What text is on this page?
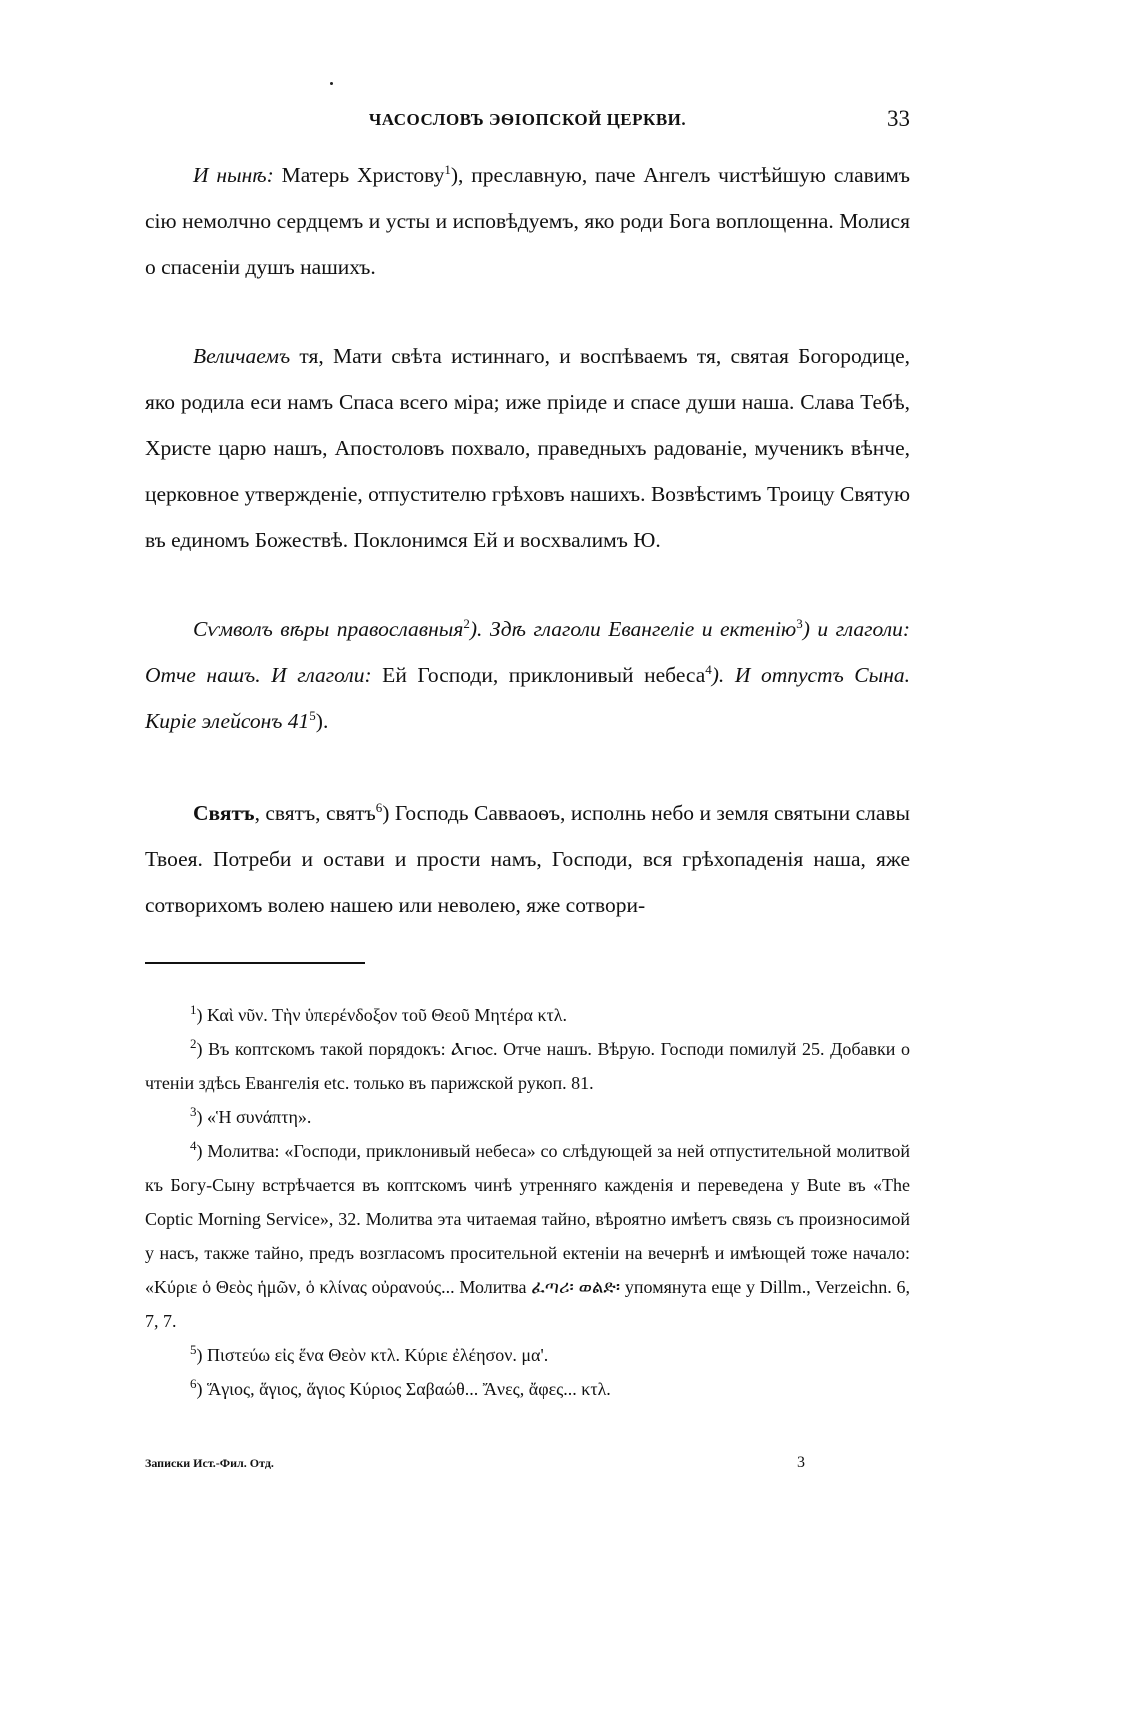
ЧАСОСЛОВЪ ЭѲІОПСКОЙ ЦЕРКВИ.	33

И нынѣ: Матерь Христову$^1$), преславную, паче Ангелъ чистѣйшую славимъ сію немолчно сердцемъ и усты и исповѣдуемъ, яко роди Бога воплощенна. Молися о спасеніи душъ нашихъ.

Величаемъ тя, Мати свѣта истиннаго, и воспѣваемъ тя, святая Богородице, яко родила еси намъ Спаса всего міра; иже пріиде и спасе души наша. Слава Тебѣ, Христе царю нашъ, Апостоловъ похвало, праведныхъ радованіе, мученикъ вѣнче, церковное утвержденіе, отпустителю грѣховъ нашихъ. Возвѣстимъ Троицу Святую въ единомъ Божествѣ. Поклонимся Ей и восхвалимъ Ю.

Сѵмволъ вѣры православныя$^2$). Здѣ глаголи Евангеліе и ектенію$^3$) и глаголи: Отче нашъ. И глаголи: Ей Господи, приклонивый небеса$^4$). И отпустъ Сына. Киріе элейсонъ $41^5$).

Святъ, святъ, святъ$^6$) Господь Савваоѳъ, исполнь небо и земля святыни славы Твоея. Потреби и остави и прости намъ, Господи, вся грѣхопаденія наша, яже сотворихомъ волею нашею или неволею, яже сотвори-

$^1$) Καὶ νῦν. Τὴν ὑπερένδοξον τοῦ Θεοῦ Μητέρα κτλ.

$^2$) Въ коптскомъ такой порядокъ: Ⲁⲅⲓⲟⲥ. Отче нашъ. Вѣрую. Господи помилуй 25. Добавки о чтеніи здѣсь Евангелія etc. только въ парижской рукоп. 81.

$^3$) «Ἡ συνάπτη».

$^4$) Молитва: «Господи, приклонивый небеса» со слѣдующей за ней отпустительной молитвой къ Богу-Сыну встрѣчается въ коптскомъ чинѣ утренняго кажденія и переведена у Bute въ «The Coptic Morning Service», 32. Молитва эта читаемая тайно, вѣроятно имѣетъ связь съ произносимой у насъ, также тайно, предъ возгласомъ просительной ектеніи на вечернѣ и имѣющей тоже начало: «Κύριε ὁ Θεὸς ἡμῶν, ὁ κλίνας οὐρανούς... Молитва ፈጣሪ፡ ወልድ፡ упомянута еще у Dillm., Verzeichn. 6, 7, 7.

$^5$) Πιστεύω εἰς ἕνα Θεὸν κτλ. Κύριε ἐλέησον. μα'.

$^6$) Ἅγιος, ἅγιος, ἅγιος Κύριος Σαβαώθ... Ἄνες, ἄφες... κτλ.

Записки Ист.-Фил. Отд.	3
